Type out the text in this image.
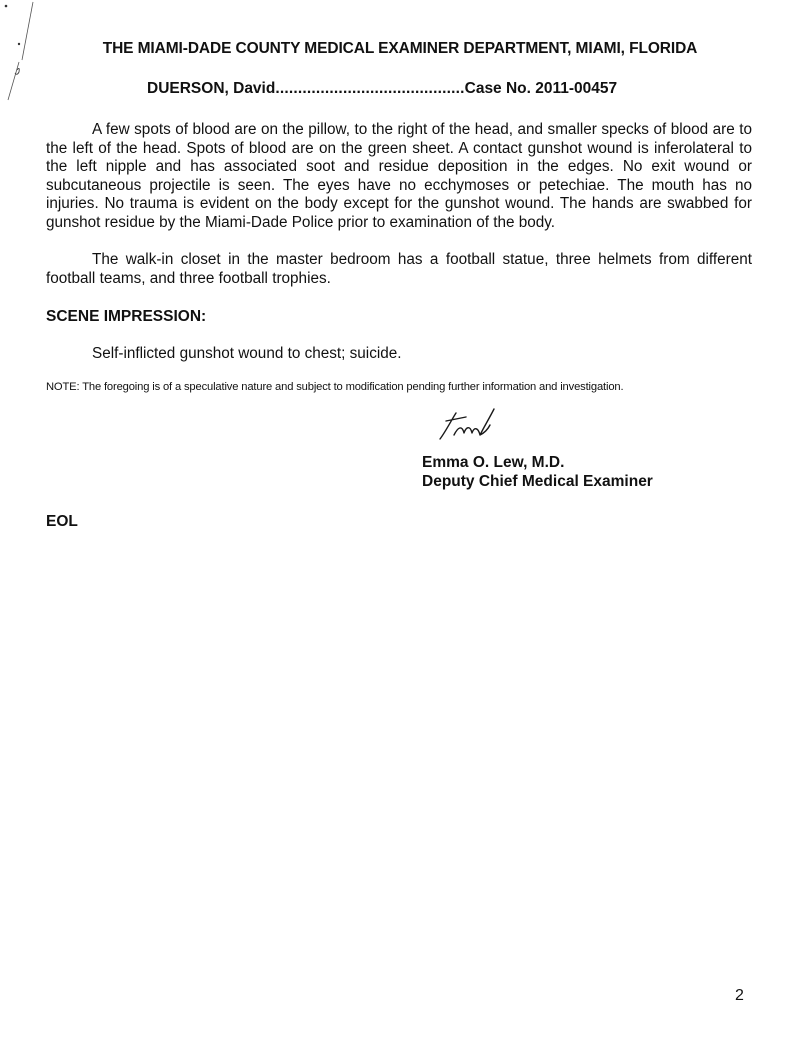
THE MIAMI-DADE COUNTY MEDICAL EXAMINER DEPARTMENT, MIAMI, FLORIDA
DUERSON, David..........................................Case No. 2011-00457

A few spots of blood are on the pillow, to the right of the head, and smaller specks of blood are to the left of the head. Spots of blood are on the green sheet. A contact gunshot wound is inferolateral to the left nipple and has associated soot and residue deposition in the edges. No exit wound or subcutaneous projectile is seen. The eyes have no ecchymoses or petechiae. The mouth has no injuries. No trauma is evident on the body except for the gunshot wound. The hands are swabbed for gunshot residue by the Miami-Dade Police prior to examination of the body.

The walk-in closet in the master bedroom has a football statue, three helmets from different football teams, and three football trophies.

SCENE IMPRESSION:
Self-inflicted gunshot wound to chest; suicide.
NOTE: The foregoing is of a speculative nature and subject to modification pending further information and investigation.
Emma O. Lew, M.D.
Deputy Chief Medical Examiner
EOL
2
